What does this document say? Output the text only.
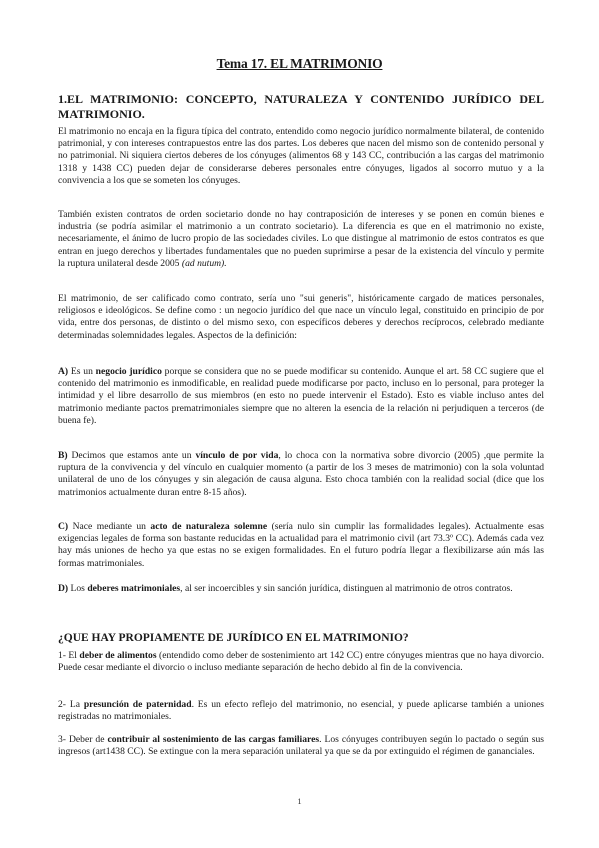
Tema 17. EL MATRIMONIO
1.EL MATRIMONIO: CONCEPTO, NATURALEZA Y CONTENIDO JURÍDICO DEL MATRIMONIO.

El matrimonio no encaja en la figura típica del contrato, entendido como negocio jurídico normalmente bilateral, de contenido patrimonial, y con intereses contrapuestos entre las dos partes. Los deberes que nacen del mismo son de contenido personal y no patrimonial. Ni siquiera ciertos deberes de los cónyuges (alimentos 68 y 143 CC, contribución a las cargas del matrimonio 1318 y 1438 CC) pueden dejar de considerarse deberes personales entre cónyuges, ligados al socorro mutuo y a la convivencia a los que se someten los cónyuges.

También existen contratos de orden societario donde no hay contraposición de intereses y se ponen en común bienes e industria (se podría asimilar el matrimonio a un contrato societario). La diferencia es que en el matrimonio no existe, necesariamente, el ánimo de lucro propio de las sociedades civiles. Lo que distingue al matrimonio de estos contratos es que entran en juego derechos y libertades fundamentales que no pueden suprimirse a pesar de la existencia del vínculo y permite la ruptura unilateral desde 2005 (ad nutum).

El matrimonio, de ser calificado como contrato, sería uno "sui generis", históricamente cargado de matices personales, religiosos e ideológicos. Se define como : un negocio jurídico del que nace un vínculo legal, constituido en principio de por vida, entre dos personas, de distinto o del mismo sexo, con específicos deberes y derechos recíprocos, celebrado mediante determinadas solemnidades legales. Aspectos de la definición:

A) Es un negocio jurídico porque se considera que no se puede modificar su contenido. Aunque el art. 58 CC sugiere que el contenido del matrimonio es inmodificable, en realidad puede modificarse por pacto, incluso en lo personal, para proteger la intimidad y el libre desarrollo de sus miembros (en esto no puede intervenir el Estado). Esto es viable incluso antes del matrimonio mediante pactos prematrimoniales siempre que no alteren la esencia de la relación ni perjudiquen a terceros (de buena fe).

B) Decimos que estamos ante un vínculo de por vida, lo choca con la normativa sobre divorcio (2005) ,que permite la ruptura de la convivencia y del vínculo en cualquier momento (a partir de los 3 meses de matrimonio) con la sola voluntad unilateral de uno de los cónyuges y sin alegación de causa alguna. Esto choca también con la realidad social (dice que los matrimonios actualmente duran entre 8-15 años).

C) Nace mediante un acto de naturaleza solemne (sería nulo sin cumplir las formalidades legales). Actualmente esas exigencias legales de forma son bastante reducidas en la actualidad para el matrimonio civil (art 73.3º CC). Además cada vez hay más uniones de hecho ya que estas no se exigen formalidades. En el futuro podría llegar a flexibilizarse aún más las formas matrimoniales.

D) Los deberes matrimoniales, al ser incoercibles y sin sanción jurídica, distinguen al matrimonio de otros contratos.

¿QUE HAY PROPIAMENTE DE JURÍDICO EN EL MATRIMONIO?

1- El deber de alimentos (entendido como deber de sostenimiento art 142 CC) entre cónyuges mientras que no haya divorcio. Puede cesar mediante el divorcio o incluso mediante separación de hecho debido al fin de la convivencia.

2- La presunción de paternidad. Es un efecto reflejo del matrimonio, no esencial, y puede aplicarse también a uniones registradas no matrimoniales.

3- Deber de contribuir al sostenimiento de las cargas familiares. Los cónyuges contribuyen según lo pactado o según sus ingresos (art1438 CC). Se extingue con la mera separación unilateral ya que se da por extinguido el régimen de gananciales.

1
